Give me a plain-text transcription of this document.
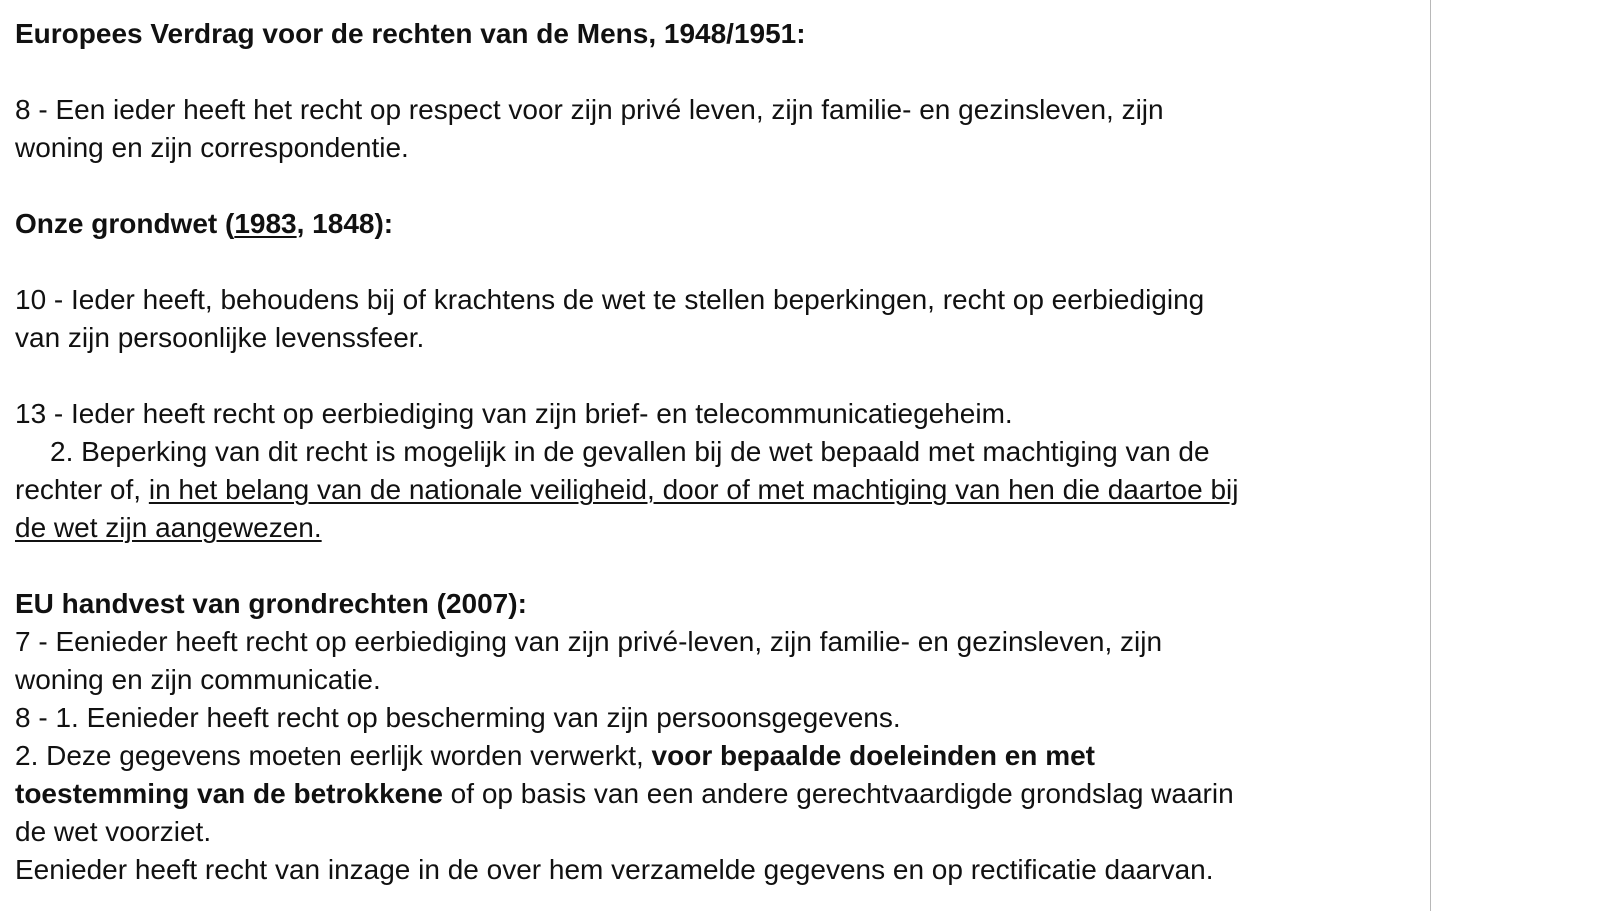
Europees Verdrag voor de rechten van de Mens, 1948/1951:
8 - Een ieder heeft het recht op respect voor zijn privé leven, zijn familie- en gezinsleven, zijn
woning en zijn correspondentie.
Onze grondwet (1983, 1848):
10 - Ieder heeft, behoudens bij of krachtens de wet te stellen beperkingen, recht op eerbiediging
van zijn persoonlijke levenssfeer.
13 - Ieder heeft recht op eerbiediging van zijn brief- en telecommunicatiegeheim.
2. Beperking van dit recht is mogelijk in de gevallen bij de wet bepaald met machtiging van de
rechter of, in het belang van de nationale veiligheid, door of met machtiging van hen die daartoe bij
de wet zijn aangewezen.
EU handvest van grondrechten (2007):
7 - Eenieder heeft recht op eerbiediging van zijn privé-leven, zijn familie- en gezinsleven, zijn
woning en zijn communicatie.
8 - 1. Eenieder heeft recht op bescherming van zijn persoonsgegevens.
2. Deze gegevens moeten eerlijk worden verwerkt, voor bepaalde doeleinden en met
toestemming van de betrokkene of op basis van een andere gerechtvaardigde grondslag waarin
de wet voorziet.
Eenieder heeft recht van inzage in de over hem verzamelde gegevens en op rectificatie daarvan.
